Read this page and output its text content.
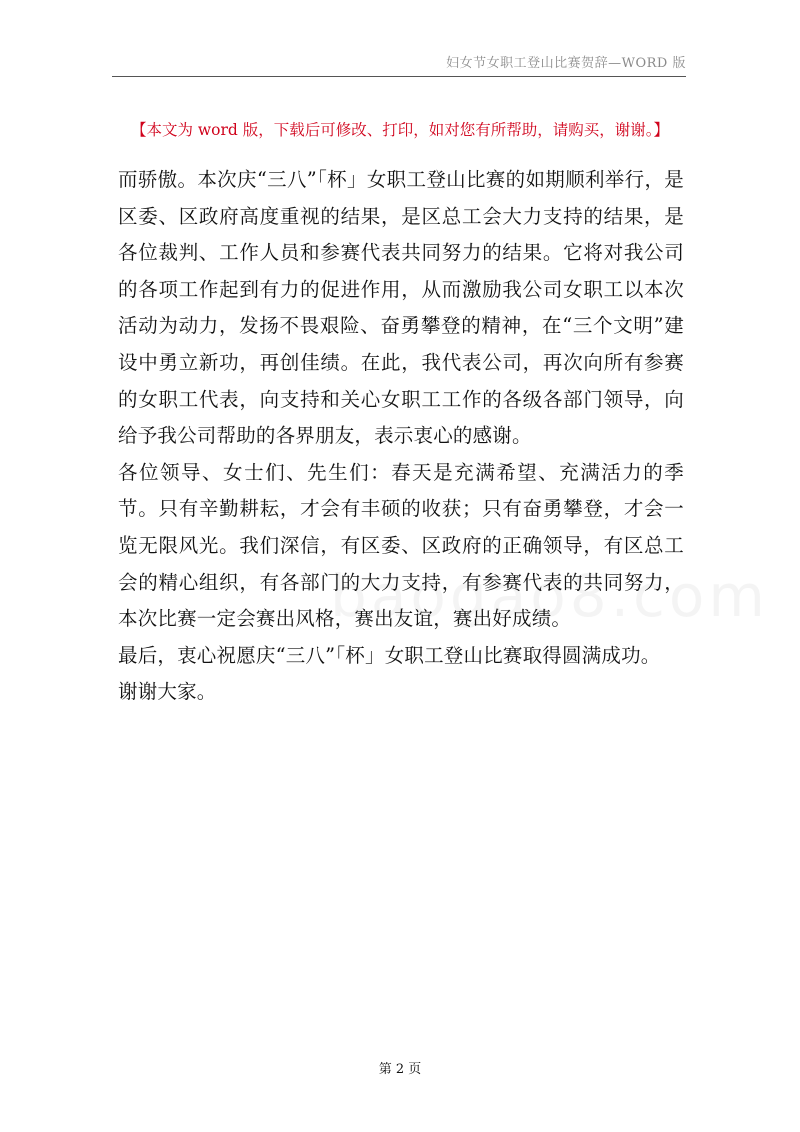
妇女节女职工登山比赛贺辞—WORD 版
【本文为 word 版，下载后可修改、打印，如对您有所帮助，请购买，谢谢。】

而骄傲。本次庆“三八”「杯」女职工登山比赛的如期顺利举行，是区委、区政府高度重视的结果，是区总工会大力支持的结果，是各位裁判、工作人员和参赛代表共同努力的结果。它将对我公司的各项工作起到有力的促进作用，从而激励我公司女职工以本次活动为动力，发扬不畏艰险、奋勇攀登的精神，在“三个文明”建设中勇立新功，再创佳绩。在此，我代表公司，再次向所有参赛的女职工代表，向支持和关心女职工工作的各级各部门领导，向给予我公司帮助的各界朋友，表示衷心的感谢。

各位领导、女士们、先生们：春天是充满希望、充满活力的季节。只有辛勤耕耘，才会有丰硕的收获；只有奋勇攀登，才会一览无限风光。我们深信，有区委、区政府的正确领导，有区总工会的精心组织，有各部门的大力支持，有参赛代表的共同努力，本次比赛一定会赛出风格，赛出友谊，赛出好成绩。

最后，衷心祝愿庆“三八”「杯」女职工登山比赛取得圆满成功。

谢谢大家。

第 2 页
